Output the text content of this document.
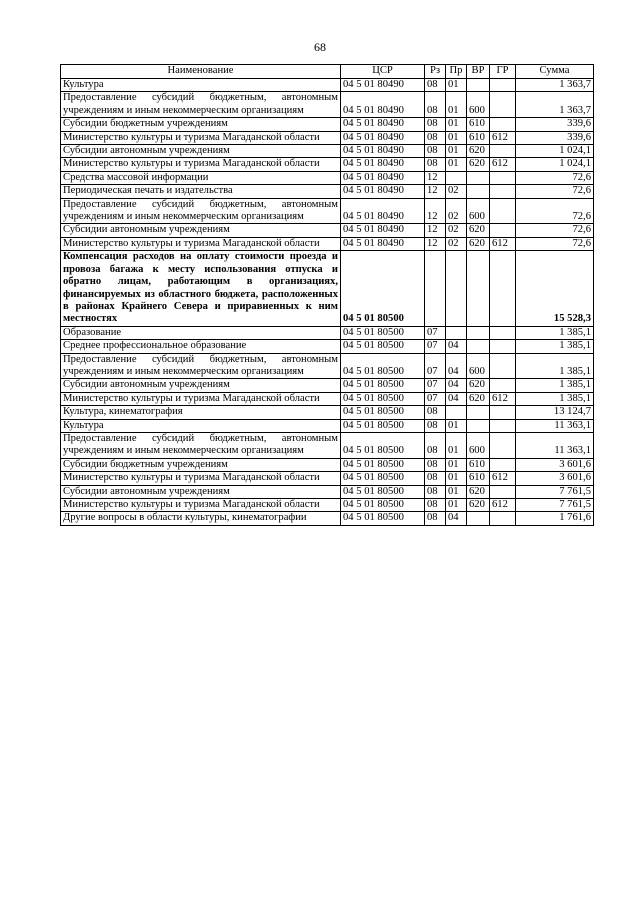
68
Наименование	ЦСР	Рз	Пр	ВР	ГР	Сумма
Культура	04 5 01 80490	08	01			1 363,7
Предоставление субсидий бюджетным, автономным учреждениям и иным некоммерческим организациям	04 5 01 80490	08	01	600		1 363,7
Субсидии бюджетным учреждениям	04 5 01 80490	08	01	610		339,6
Министерство культуры и туризма Магаданской области	04 5 01 80490	08	01	610	612	339,6
Субсидии автономным учреждениям	04 5 01 80490	08	01	620		1 024,1
Министерство культуры и туризма Магаданской области	04 5 01 80490	08	01	620	612	1 024,1
Средства массовой информации	04 5 01 80490	12				72,6
Периодическая печать и издательства	04 5 01 80490	12	02			72,6
Предоставление субсидий бюджетным, автономным учреждениям и иным некоммерческим организациям	04 5 01 80490	12	02	600		72,6
Субсидии автономным учреждениям	04 5 01 80490	12	02	620		72,6
Министерство культуры и туризма Магаданской области	04 5 01 80490	12	02	620	612	72,6
Компенсация расходов на оплату стоимости проезда и провоза багажа к месту использования отпуска и обратно лицам, работающим в организациях, финансируемых из областного бюджета, расположенных в районах Крайнего Севера и приравненных к ним местностях	04 5 01 80500					15 528,3
Образование	04 5 01 80500	07				1 385,1
Среднее профессиональное образование	04 5 01 80500	07	04			1 385,1
Предоставление субсидий бюджетным, автономным учреждениям и иным некоммерческим организациям	04 5 01 80500	07	04	600		1 385,1
Субсидии автономным учреждениям	04 5 01 80500	07	04	620		1 385,1
Министерство культуры и туризма Магаданской области	04 5 01 80500	07	04	620	612	1 385,1
Культура, кинематография	04 5 01 80500	08				13 124,7
Культура	04 5 01 80500	08	01			11 363,1
Предоставление субсидий бюджетным, автономным учреждениям и иным некоммерческим организациям	04 5 01 80500	08	01	600		11 363,1
Субсидии бюджетным учреждениям	04 5 01 80500	08	01	610		3 601,6
Министерство культуры и туризма Магаданской области	04 5 01 80500	08	01	610	612	3 601,6
Субсидии автономным учреждениям	04 5 01 80500	08	01	620		7 761,5
Министерство культуры и туризма Магаданской области	04 5 01 80500	08	01	620	612	7 761,5
Другие вопросы в области культуры, кинематографии	04 5 01 80500	08	04			1 761,6
